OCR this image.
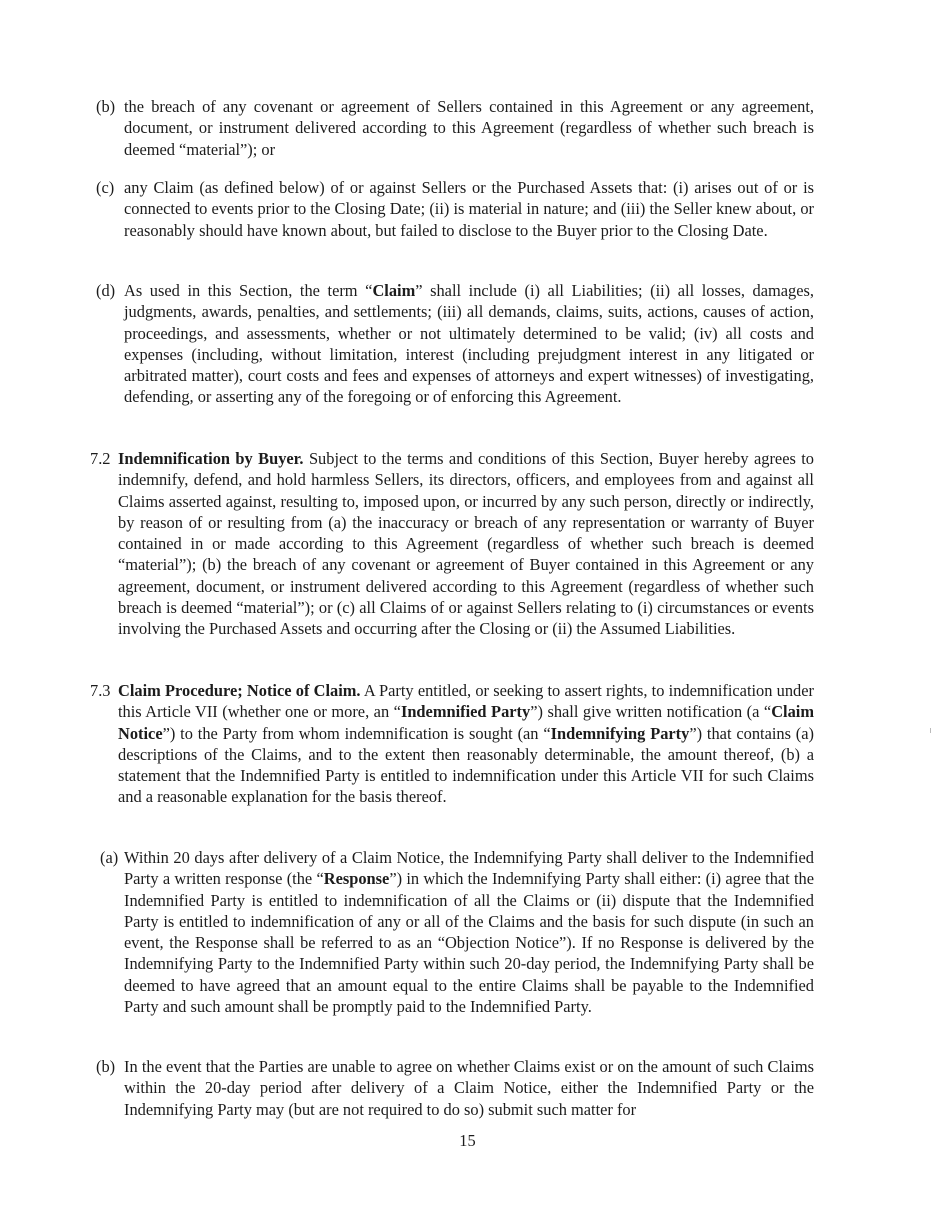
(b) the breach of any covenant or agreement of Sellers contained in this Agreement or any agreement, document, or instrument delivered according to this Agreement (regardless of whether such breach is deemed “material”); or
(c) any Claim (as defined below) of or against Sellers or the Purchased Assets that: (i) arises out of or is connected to events prior to the Closing Date; (ii) is material in nature; and (iii) the Seller knew about, or reasonably should have known about, but failed to disclose to the Buyer prior to the Closing Date.
(d) As used in this Section, the term “Claim” shall include (i) all Liabilities; (ii) all losses, damages, judgments, awards, penalties, and settlements; (iii) all demands, claims, suits, actions, causes of action, proceedings, and assessments, whether or not ultimately determined to be valid; (iv) all costs and expenses (including, without limitation, interest (including prejudgment interest in any litigated or arbitrated matter), court costs and fees and expenses of attorneys and expert witnesses) of investigating, defending, or asserting any of the foregoing or of enforcing this Agreement.
7.2 Indemnification by Buyer. Subject to the terms and conditions of this Section, Buyer hereby agrees to indemnify, defend, and hold harmless Sellers, its directors, officers, and employees from and against all Claims asserted against, resulting to, imposed upon, or incurred by any such person, directly or indirectly, by reason of or resulting from (a) the inaccuracy or breach of any representation or warranty of Buyer contained in or made according to this Agreement (regardless of whether such breach is deemed “material”); (b) the breach of any covenant or agreement of Buyer contained in this Agreement or any agreement, document, or instrument delivered according to this Agreement (regardless of whether such breach is deemed “material”); or (c) all Claims of or against Sellers relating to (i) circumstances or events involving the Purchased Assets and occurring after the Closing or (ii) the Assumed Liabilities.
7.3 Claim Procedure; Notice of Claim. A Party entitled, or seeking to assert rights, to indemnification under this Article VII (whether one or more, an “Indemnified Party”) shall give written notification (a “Claim Notice”) to the Party from whom indemnification is sought (an “Indemnifying Party”) that contains (a) descriptions of the Claims, and to the extent then reasonably determinable, the amount thereof, (b) a statement that the Indemnified Party is entitled to indemnification under this Article VII for such Claims and a reasonable explanation for the basis thereof.
(a) Within 20 days after delivery of a Claim Notice, the Indemnifying Party shall deliver to the Indemnified Party a written response (the “Response”) in which the Indemnifying Party shall either: (i) agree that the Indemnified Party is entitled to indemnification of all the Claims or (ii) dispute that the Indemnified Party is entitled to indemnification of any or all of the Claims and the basis for such dispute (in such an event, the Response shall be referred to as an “Objection Notice”). If no Response is delivered by the Indemnifying Party to the Indemnified Party within such 20-day period, the Indemnifying Party shall be deemed to have agreed that an amount equal to the entire Claims shall be payable to the Indemnified Party and such amount shall be promptly paid to the Indemnified Party.
(b) In the event that the Parties are unable to agree on whether Claims exist or on the amount of such Claims within the 20-day period after delivery of a Claim Notice, either the Indemnified Party or the Indemnifying Party may (but are not required to do so) submit such matter for
15
